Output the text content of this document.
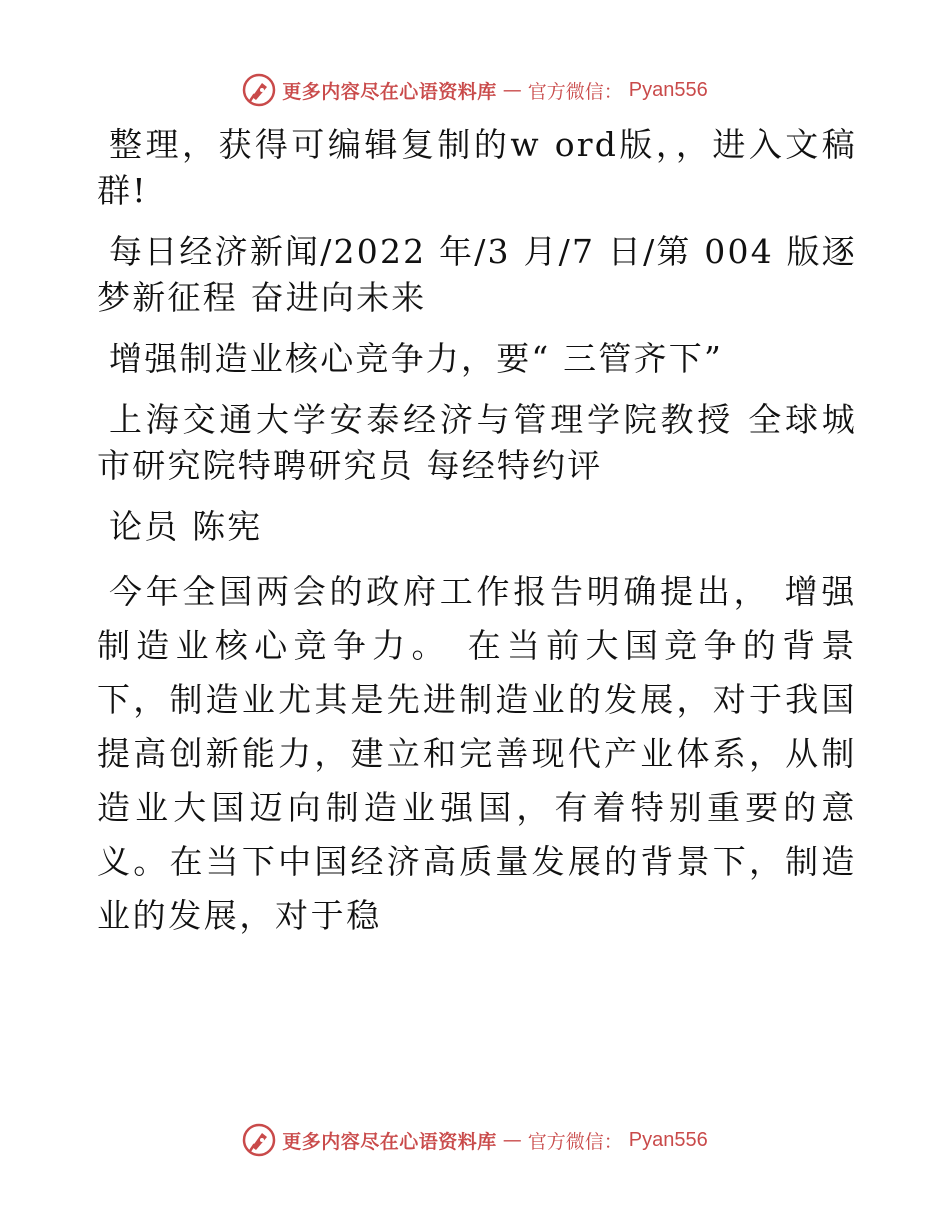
更多内容尽在心语资料库 — 官方微信： Pyan556

整理，获得可编辑复制的w ord版，，进入文稿群!

每日经济新闻/2022 年/3 月/7 日/第 004 版逐梦新征程 奋进向未来

增强制造业核心竞争力，要“ 三管齐下”

上海交通大学安泰经济与管理学院教授 全球城市研究院特聘研究员 每经特约评

论员 陈宪

今年全国两会的政府工作报告明确提出， 增强制造业核心竞争力。 在当前大国竞争的背景下，制造业尤其是先进制造业的发展，对于我国提高创新能力，建立和完善现代产业体系，从制造业大国迈向制造业强国，有着特别重要的意义。在当下中国经济高质量发展的背景下，制造业的发展，对于稳

更多内容尽在心语资料库 — 官方微信： Pyan556
